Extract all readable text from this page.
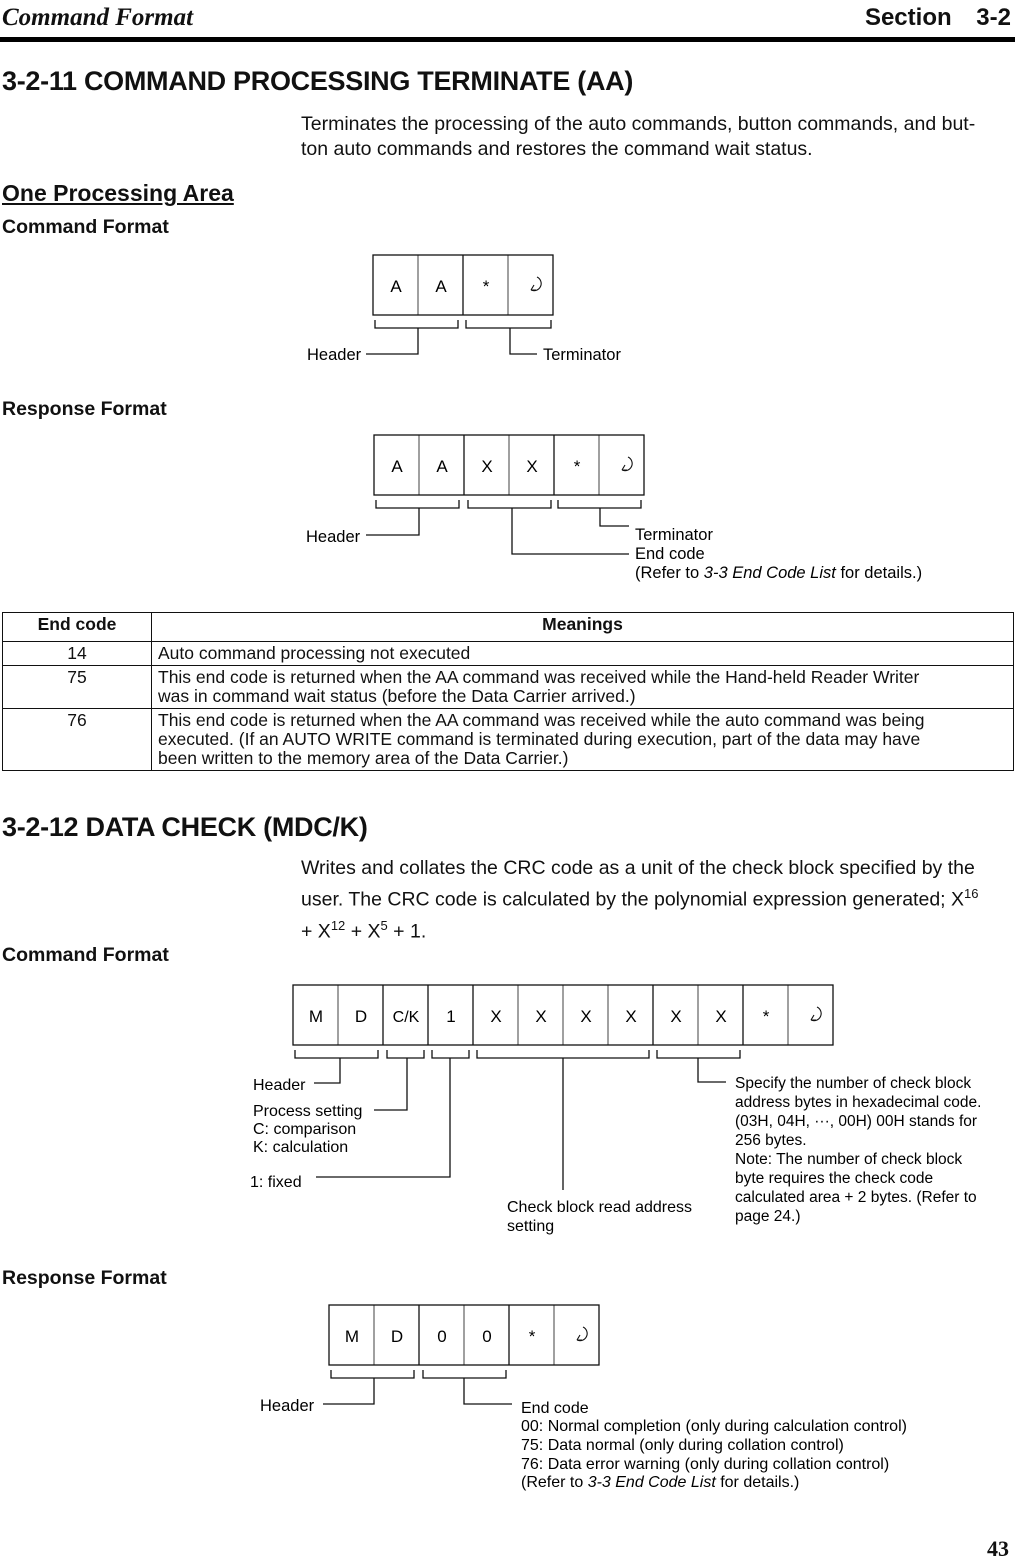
Command Format	Section 3-2
3-2-11 COMMAND PROCESSING TERMINATE (AA)
Terminates the processing of the auto commands, button commands, and but-
ton auto commands and restores the command wait status.
One Processing Area
Command Format
A A *
Header	Terminator
Response Format
A A X X *
Header	Terminator
End code
(Refer to 3-3 End Code List for details.)
End code	Meanings
14	Auto command processing not executed

75	This end code is returned when the AA command was received while the Hand-held Reader Writer
was in command wait status (before the Data Carrier arrived.)

76	This end code is returned when the AA command was received while the auto command was being
executed. (If an AUTO WRITE command is terminated during execution, part of the data may have
been written to the memory area of the Data Carrier.)
3-2-12 DATA CHECK (MDC/K)
Writes and collates the CRC code as a unit of the check block specified by the
user. The CRC code is calculated by the polynomial expression generated; $X^{16}$
+ $X^{12} + X^5 + 1$.
Command Format
M D C/K 1 X X X X X X *
Header
Process setting
C: comparison
K: calculation
1: fixed
Check block read address
setting
Specify the number of check block
address bytes in hexadecimal code.
(03H, 04H, ···, 00H) 00H stands for
256 bytes.
Note: The number of check block
byte requires the check code
calculated area + 2 bytes. (Refer to
page 24.)
Response Format
M D 0 0 *
Header	End code
00: Normal completion (only during calculation control)
75: Data normal (only during collation control)
76: Data error warning (only during collation control)
(Refer to 3-3 End Code List for details.)
43
